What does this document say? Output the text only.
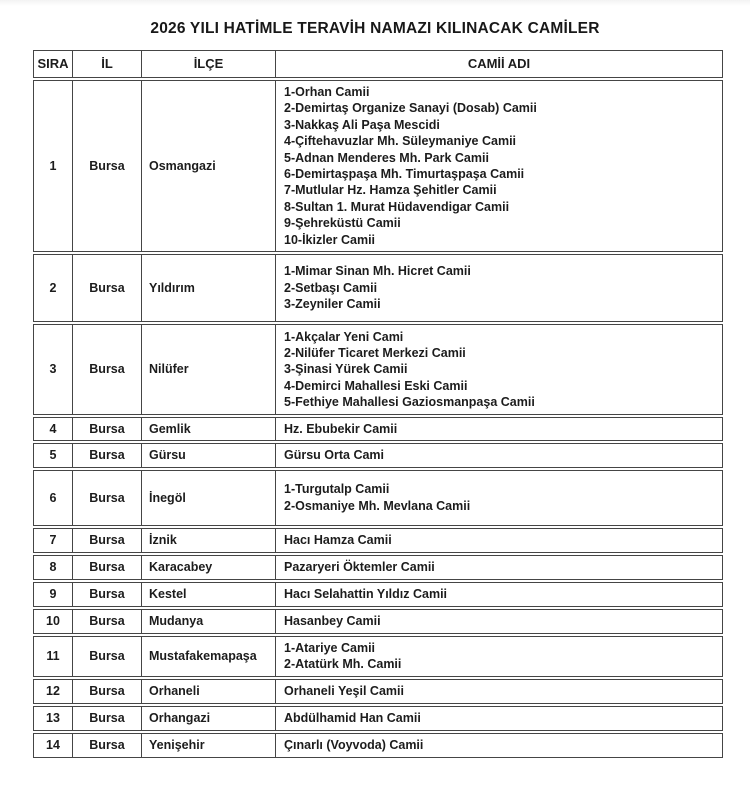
2026 YILI HATİMLE TERAVİH NAMAZI KILINACAK CAMİLER
SIRA	İL	İLÇE	CAMİİ ADI
1	Bursa	Osmangazi
1-Orhan Camii
2-Demirtaş Organize Sanayi (Dosab) Camii
3-Nakkaş Ali Paşa Mescidi
4-Çiftehavuzlar Mh. Süleymaniye Camii
5-Adnan Menderes Mh. Park Camii
6-Demirtaşpaşa Mh. Timurtaşpaşa Camii
7-Mutlular Hz. Hamza Şehitler Camii
8-Sultan 1. Murat Hüdavendigar Camii
9-Şehreküstü Camii
10-İkizler Camii
2	Bursa	Yıldırım
1-Mimar Sinan Mh. Hicret Camii
2-Setbaşı Camii
3-Zeyniler Camii
3	Bursa	Nilüfer
1-Akçalar Yeni Cami
2-Nilüfer Ticaret Merkezi Camii
3-Şinasi Yürek Camii
4-Demirci Mahallesi Eski Camii
5-Fethiye Mahallesi Gaziosmanpaşa Camii
4	Bursa	Gemlik	Hz. Ebubekir Camii
5	Bursa	Gürsu	Gürsu Orta Cami
6	Bursa	İnegöl
1-Turgutalp Camii
2-Osmaniye Mh. Mevlana Camii
7	Bursa	İznik	Hacı Hamza Camii
8	Bursa	Karacabey	Pazaryeri Öktemler Camii
9	Bursa	Kestel	Hacı Selahattin Yıldız Camii
10	Bursa	Mudanya	Hasanbey Camii
11	Bursa	Mustafakemapaşa
1-Atariye Camii
2-Atatürk Mh. Camii
12	Bursa	Orhaneli	Orhaneli Yeşil Camii
13	Bursa	Orhangazi	Abdülhamid Han Camii
14	Bursa	Yenişehir	Çınarlı (Voyvoda) Camii
